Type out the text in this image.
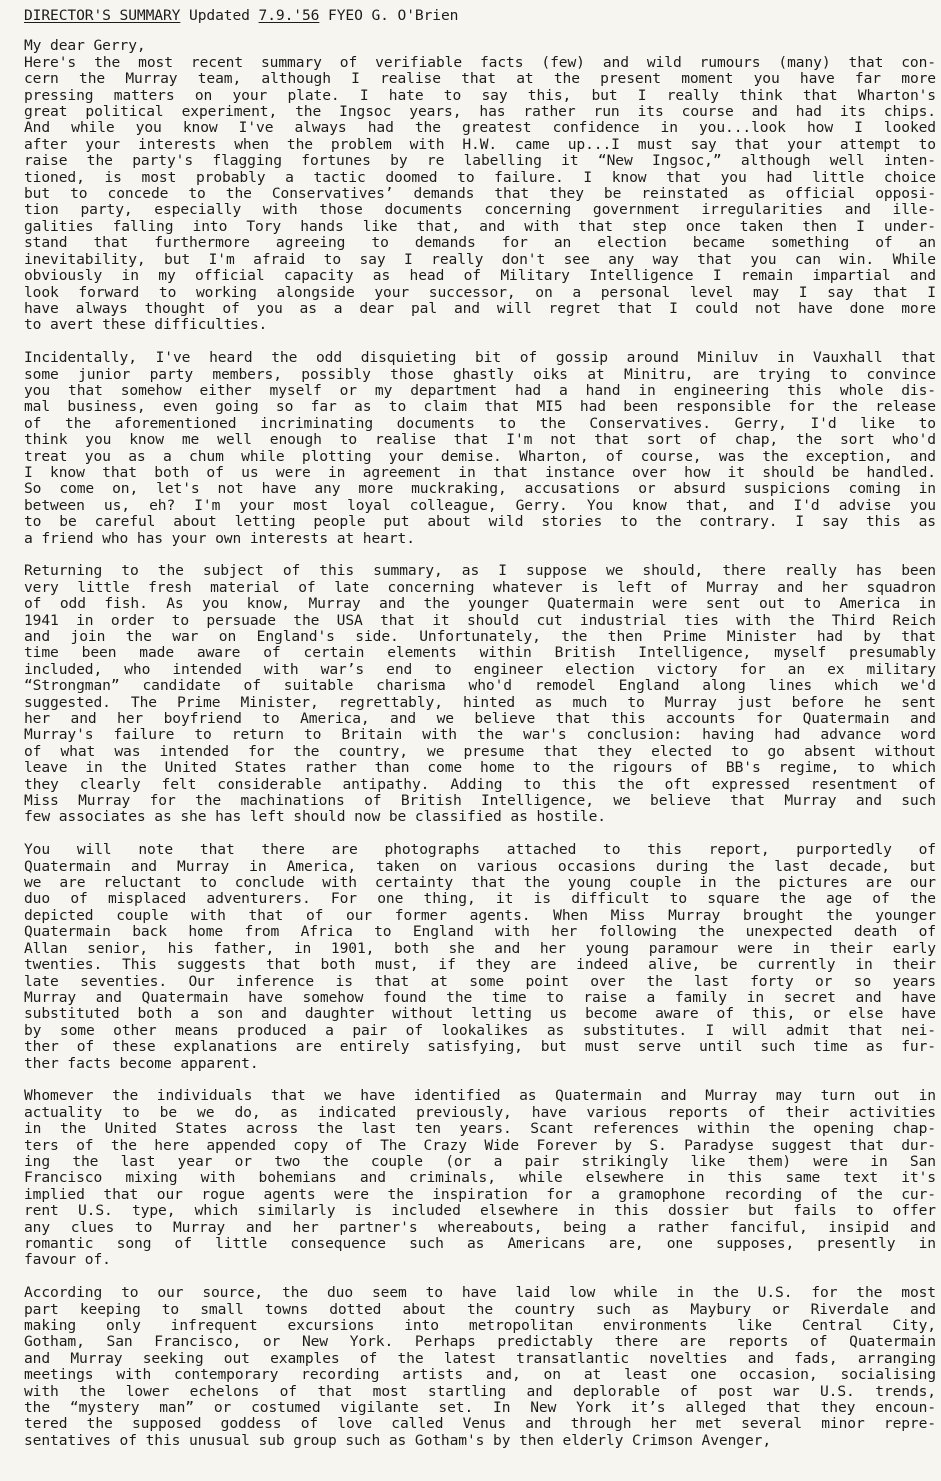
DIRECTOR'S SUMMARY Updated 7.9.'56 FYEO G. O'Brien
My dear Gerry,
Here's the most recent summary of verifiable facts (few) and wild rumours (many) that con-
cern the Murray team, although I realise that at the present moment you have far more
pressing matters on your plate. I hate to say this, but I really think that Wharton's
great political experiment, the Ingsoc years, has rather run its course and had its chips.
And while you know I've always had the greatest confidence in you...look how I looked
after your interests when the problem with H.W. came up...I must say that your attempt to
raise the party's flagging fortunes by re labelling it “New Ingsoc,” although well inten-
tioned, is most probably a tactic doomed to failure. I know that you had little choice
but to concede to the Conservatives’ demands that they be reinstated as official opposi-
tion party, especially with those documents concerning government irregularities and ille-
galities falling into Tory hands like that, and with that step once taken then I under-
stand that furthermore agreeing to demands for an election became something of an
inevitability, but I'm afraid to say I really don't see any way that you can win. While
obviously in my official capacity as head of Military Intelligence I remain impartial and
look forward to working alongside your successor, on a personal level may I say that I
have always thought of you as a dear pal and will regret that I could not have done more
to avert these difficulties.
Incidentally, I've heard the odd disquieting bit of gossip around Miniluv in Vauxhall that
some junior party members, possibly those ghastly oiks at Minitru, are trying to convince
you that somehow either myself or my department had a hand in engineering this whole dis-
mal business, even going so far as to claim that MI5 had been responsible for the release
of the aforementioned incriminating documents to the Conservatives. Gerry, I'd like to
think you know me well enough to realise that I'm not that sort of chap, the sort who'd
treat you as a chum while plotting your demise. Wharton, of course, was the exception, and
I know that both of us were in agreement in that instance over how it should be handled.
So come on, let's not have any more muckraking, accusations or absurd suspicions coming in
between us, eh? I'm your most loyal colleague, Gerry. You know that, and I'd advise you
to be careful about letting people put about wild stories to the contrary. I say this as
a friend who has your own interests at heart.
Returning to the subject of this summary, as I suppose we should, there really has been
very little fresh material of late concerning whatever is left of Murray and her squadron
of odd fish. As you know, Murray and the younger Quatermain were sent out to America in
1941 in order to persuade the USA that it should cut industrial ties with the Third Reich
and join the war on England's side. Unfortunately, the then Prime Minister had by that
time been made aware of certain elements within British Intelligence, myself presumably
included, who intended with war’s end to engineer election victory for an ex military
“Strongman” candidate of suitable charisma who'd remodel England along lines which we'd
suggested. The Prime Minister, regrettably, hinted as much to Murray just before he sent
her and her boyfriend to America, and we believe that this accounts for Quatermain and
Murray's failure to return to Britain with the war's conclusion: having had advance word
of what was intended for the country, we presume that they elected to go absent without
leave in the United States rather than come home to the rigours of BB's regime, to which
they clearly felt considerable antipathy. Adding to this the oft expressed resentment of
Miss Murray for the machinations of British Intelligence, we believe that Murray and such
few associates as she has left should now be classified as hostile.
You will note that there are photographs attached to this report, purportedly of
Quatermain and Murray in America, taken on various occasions during the last decade, but
we are reluctant to conclude with certainty that the young couple in the pictures are our
duo of misplaced adventurers. For one thing, it is difficult to square the age of the
depicted couple with that of our former agents. When Miss Murray brought the younger
Quatermain back home from Africa to England with her following the unexpected death of
Allan senior, his father, in 1901, both she and her young paramour were in their early
twenties. This suggests that both must, if they are indeed alive, be currently in their
late seventies. Our inference is that at some point over the last forty or so years
Murray and Quatermain have somehow found the time to raise a family in secret and have
substituted both a son and daughter without letting us become aware of this, or else have
by some other means produced a pair of lookalikes as substitutes. I will admit that nei-
ther of these explanations are entirely satisfying, but must serve until such time as fur-
ther facts become apparent.
Whomever the individuals that we have identified as Quatermain and Murray may turn out in
actuality to be we do, as indicated previously, have various reports of their activities
in the United States across the last ten years. Scant references within the opening chap-
ters of the here appended copy of The Crazy Wide Forever by S. Paradyse suggest that dur-
ing the last year or two the couple (or a pair strikingly like them) were in San
Francisco mixing with bohemians and criminals, while elsewhere in this same text it's
implied that our rogue agents were the inspiration for a gramophone recording of the cur-
rent U.S. type, which similarly is included elsewhere in this dossier but fails to offer
any clues to Murray and her partner's whereabouts, being a rather fanciful, insipid and
romantic song of little consequence such as Americans are, one supposes, presently in
favour of.
According to our source, the duo seem to have laid low while in the U.S. for the most
part keeping to small towns dotted about the country such as Maybury or Riverdale and
making only infrequent excursions into metropolitan environments like Central City,
Gotham, San Francisco, or New York. Perhaps predictably there are reports of Quatermain
and Murray seeking out examples of the latest transatlantic novelties and fads, arranging
meetings with contemporary recording artists and, on at least one occasion, socialising
with the lower echelons of that most startling and deplorable of post war U.S. trends,
the “mystery man” or costumed vigilante set. In New York it’s alleged that they encoun-
tered the supposed goddess of love called Venus and through her met several minor repre-
sentatives of this unusual sub group such as Gotham's by then elderly Crimson Avenger,
